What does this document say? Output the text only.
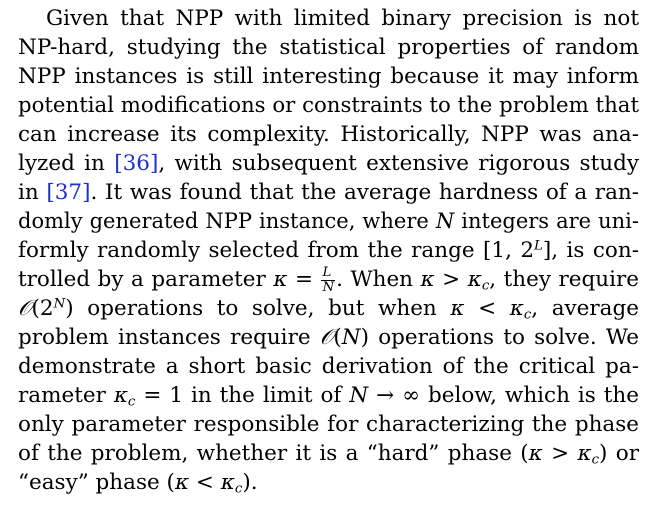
Given that NPP with limited binary precision is not
NP-hard, studying the statistical properties of random
NPP instances is still interesting because it may inform
potential modifications or constraints to the problem that
can increase its complexity. Historically, NPP was ana-
lyzed in [36], with subsequent extensive rigorous study
in [37]. It was found that the average hardness of a ran-
domly generated NPP instance, where N integers are uni-
formly randomly selected from the range [1, $2^L$], is con-
trolled by a parameter $\kappa = \frac{L}{N}$ . When $\kappa > \kappa_c$, they require
$𝒪(2^N)$ operations to solve, but when $\kappa < \kappa_c$, average
problem instances require 𝒪(N) operations to solve. We
demonstrate a short basic derivation of the critical pa-
rameter $\kappa_c = 1$ in the limit of N → ∞ below, which is the
only parameter responsible for characterizing the phase
of the problem, whether it is a “hard” phase $(\kappa > \kappa_c)$ or
“easy” phase $(\kappa < \kappa_c)$.
